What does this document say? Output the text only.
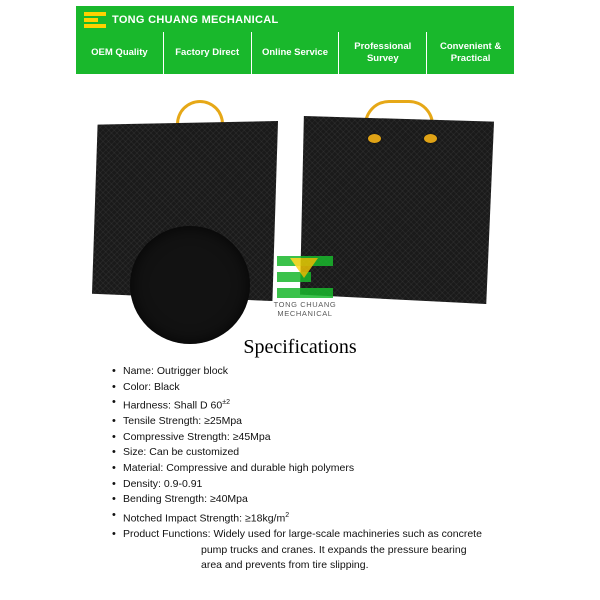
TONG CHUANG MECHANICAL
OEM Quality	Factory Direct	Online Service
Professional Survey
Convenient & Practical
TONG CHUANG MECHANICAL
Specifications
• Name: Outrigger block
• Color: Black
• Hardness: Shall D $60^{\pm 2}$
• Tensile Strength: ≥25Mpa
• Compressive Strength: ≥45Mpa
• Size: Can be customized
• Material: Compressive and durable high polymers
• Density: 0.9-0.91
• Bending Strength: ≥40Mpa
• Notched Impact Strength: $\ge 18kg/m^2$
• Product Functions: Widely used for large-scale machineries such as concrete
pump trucks and cranes. It expands the pressure bearing
area and prevents from tire slipping.
